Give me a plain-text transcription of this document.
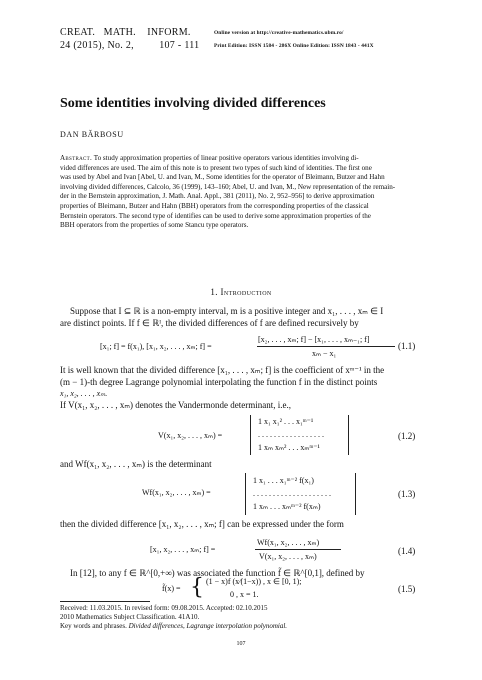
CREAT. MATH. INFORM.
24 (2015), No. 2,	107 - 111
Online version at http://creative-mathematics.ubm.ro/
Print Edition: ISSN 1584 - 286X Online Edition: ISSN 1843 - 441X
Some identities involving divided differences
DAN BĂRBOSU
Abstract. To study approximation properties of linear positive operators various identities involving di-
vided differences are used. The aim of this note is to present two types of such kind of identities. The first one
was used by Abel and Ivan [Abel, U. and Ivan, M., Some identities for the operator of Bleimann, Butzer and Hahn
involving divided differences, Calcolo, 36 (1999), 143–160; Abel, U. and Ivan, M., New representation of the remain-
der in the Bernstein approximation, J. Math. Anal. Appl., 381 (2011), No. 2, 952–956] to derive approximation
properties of Bleimann, Butzer and Hahn (BBH) operators from the corresponding properties of the classical
Bernstein operators. The second type of identifies can be used to derive some approximation properties of the
BBH operators from the properties of some Stancu type operators.
1. Introduction
Suppose that I ⊆ ℝ is a non-empty interval, m is a positive integer and x₁, . . . , xₘ ∈ I
are distinct points. If f ∈ ℝᴵ, the divided differences of f are defined recursively by
[x₁; f] = f(x₁), [x₁, x₂, . . . , xₘ; f] =
[x₂, . . . , xₘ; f] − [x₁, . . . , xₘ₋₁; f]
xₘ − x₁
(1.1)
It is well known that the divided difference [x₁, . . . , xₘ; f] is the coefficient of xᵐ⁻¹ in the
(m − 1)-th degree Lagrange polynomial interpolating the function f in the distinct points
x₁, x₂, . . . , xₘ.
If V(x₁, x₂, . . . , xₘ) denotes the Vandermonde determinant, i.e.,
V(x₁, x₂, . . . , xₘ) =
1 x₁ x₁² . . . x₁ᵐ⁻¹
. . . . . . . . . . . . . . . . .
1 xₘ xₘ² . . . xₘᵐ⁻¹
(1.2)
and Wf(x₁, x₂, . . . , xₘ) is the determinant
Wf(x₁, x₂, . . . , xₘ) =
1 x₁ . . . x₁ᵐ⁻² f(x₁)
. . . . . . . . . . . . . . . . . . . .
1 xₘ . . . xₘᵐ⁻² f(xₘ)
(1.3)
then the divided difference [x₁, x₂, . . . , xₘ; f] can be expressed under the form
[x₁, x₂, . . . , xₘ; f] =
Wf(x₁, x₂, . . . , xₘ)
V(x₁, x₂, . . . , xₘ)
(1.4)
In [12], to any f ∈ ℝ^[0,+∞) was associated the function f̃ ∈ ℝ^[0,1], defined by
f̃(x) = { (1 − x)f (x⁄(1−x)) , x ∈ [0, 1);
0 , x = 1.
(1.5)
Received: 11.03.2015. In revised form: 09.08.2015. Accepted: 02.10.2015
2010 Mathematics Subject Classification. 41A10.
Key words and phrases. Divided differences, Lagrange interpolation polynomial.
107
